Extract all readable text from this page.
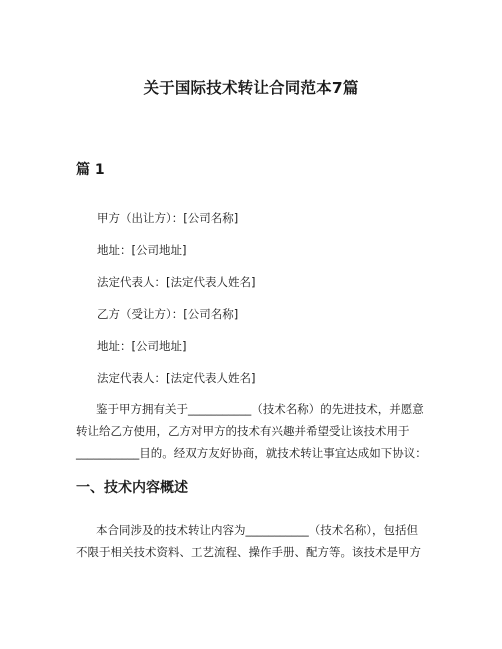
关于国际技术转让合同范本7篇
篇 1
甲方（出让方）：[公司名称]
地址：[公司地址]
法定代表人：[法定代表人姓名]
乙方（受让方）：[公司名称]
地址：[公司地址]
法定代表人：[法定代表人姓名]
鉴于甲方拥有关于___________（技术名称）的先进技术，并愿意
转让给乙方使用，乙方对甲方的技术有兴趣并希望受让该技术用于
___________目的。经双方友好协商，就技术转让事宜达成如下协议：
一、技术内容概述
本合同涉及的技术转让内容为___________（技术名称），包括但
不限于相关技术资料、工艺流程、操作手册、配方等。该技术是甲方
